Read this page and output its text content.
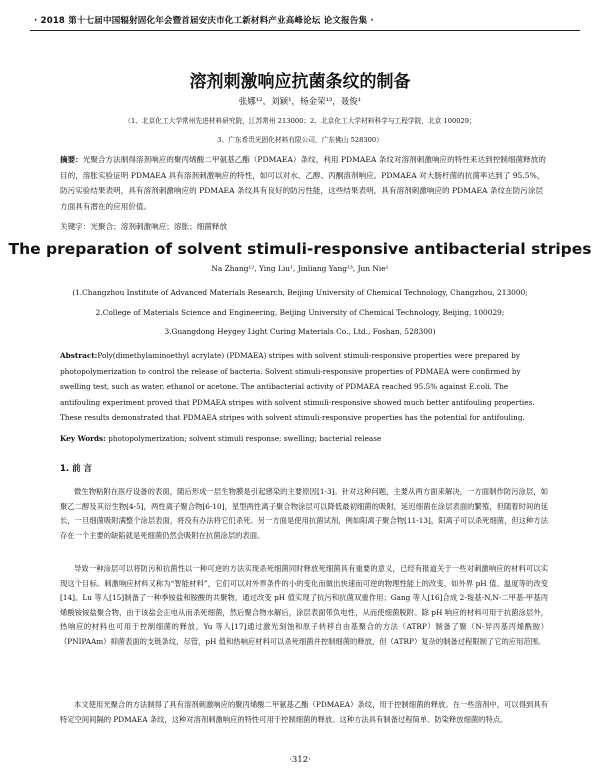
· 2018 第十七届中国辐射固化年会暨首届安庆市化工新材料产业高峰论坛 论文报告集 ·
溶剂刺激响应抗菌条纹的制备
张娜¹²，刘颖¹，杨金荣¹³，聂俊¹
（1、北京化工大学常州先进材料研究院，江苏常州 213000；2、北京化工大学材料科学与工程学院，北京 100029；
3、广东希贵光固化材料有限公司，广东佛山 528300）
摘要：光聚合方法制得溶剂响应的聚丙烯酸二甲氨基乙酯（PDMAEA）条纹，利用 PDMAEA 条纹对溶剂刺激响应的特性来达到控制细菌释放的目的，溶胀实验证明 PDMAEA 具有溶剂刺激响应的特性，如可以对水、乙醇、丙酮溶剂响应。PDMAEA 对大肠杆菌的抗菌率达到了 95.5%，防污实验结果表明，具有溶剂刺激响应的 PDMAEA 条纹具有良好的防污性能，这些结果表明，具有溶剂刺激响应的 PDMAEA 条纹在防污涂层方面具有潜在的应用价值。
关键字：光聚合；溶剂刺激响应；溶胀；细菌释放
The preparation of solvent stimuli-responsive antibacterial stripes
Na Zhang¹², Ying Liu¹, Jinliang Yang¹³, Jun Nie¹
(1.Changzhou Institute of Advanced Materials Research, Beijing University of Chemical Technology, Changzhou, 213000;
2.College of Materials Science and Engineering, Beijing University of Chemical Technology, Beijing, 100029;
3.Guangdong Heygey Light Curing Materials Co., Ltd., Foshan, 528300)
Abstract:Poly(dimethylaminoethyl acrylate) (PDMAEA) stripes with solvent stimuli-responsive properties were prepared by photopolymerization to control the release of bacteria. Solvent stimuli-responsive properties of PDMAEA were confirmed by swelling test, such as water, ethanol or acetone. The antibacterial activity of PDMAEA reached 95.5% against E.coli. The antifouling experiment proved that PDMAEA stripes with solvent stimuli-responsive showed much better antifouling properties. These results demonstrated that PDMAEA stripes with solvent stimuli-responsive properties has the potential for antifouling.
Key Words: photopolymerization; solvent stimuli response; swelling; bacterial release
1. 前 言
微生物粘附在医疗设备的表面，随后形成一层生物膜是引起感染的主要原因[1-3]。针对这种问题，主要从两方面来解决，一方面制作防污涂层，如聚乙二醇及其衍生物[4-5]，两性离子聚合物[6-10]，星型两性离子聚合物涂层可以降低最初细菌的吸附，延迟细菌在涂层表面的繁殖，但随着时间的延长，一旦细菌吸附满整个涂层表面，将没有办法将它们杀死。另一方面是使用抗菌试剂，例如阳离子聚合物[11-13]，阳离子可以杀死细菌，但这种方法存在一个主要的缺陷就是死细菌仍然会吸附在抗菌涂层的表面。
导致一种涂层可以将防污和抗菌性以一种可逆的方法实现杀死细菌同时释放死细菌具有重要的意义，已经有报道关于一些对刺激响应的材料可以实现这个目标。刺激响应材料又称为“智能材料”，它们可以对外界条件的小的变化而做出快速而可逆的物理性能上的改变，如外界 pH 值、温度等的改变[14]。Lu 等人[15]制备了一种季铵盐和胺酸的共聚物，通过改变 pH 值实现了抗污和抗菌双重作用；Gang 等人[16]合成 2-羧基-N,N-二甲基-甲基丙烯酸铵铵盐聚合物，由于该盐会正电从而杀死细菌，然后聚合物水解后，涂层表面带负电性，从而使细菌脱附。除 pH 响应的材料可用于抗菌涂层外，热响应的材料也可用于控制细菌的释放。Yu 等人[17]通过激光刻蚀和原子转移自由基聚合的方法（ATRP）制备了聚（N-异丙基丙烯酰胺）（PNIPAAm）抑菌表面的支链条纹，尽管，pH 值和热响应材料可以杀死细菌并控制细菌的释放，但（ATRP）复杂的制备过程限制了它的应用范围。
本文使用光聚合的方法制得了具有溶剂刺激响应的聚丙烯酸二甲氨基乙酯（PDMAEA）条纹，用于控制细菌的释放。在一些溶剂中，可以得到具有特定空间间隔的 PDMAEA 条纹，这种对溶剂刺激响应的特性可用于控制细菌的释放。这种方法具有制备过程简单、防染释放细菌的特点。
·312·
